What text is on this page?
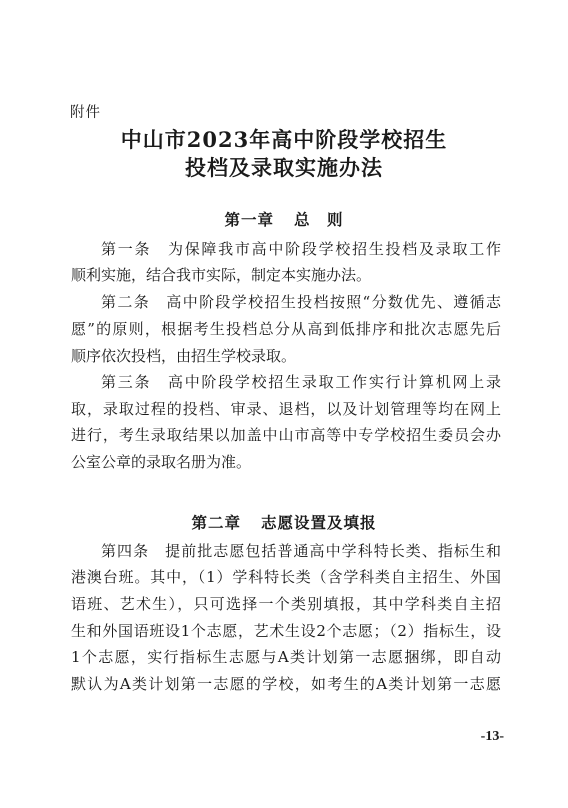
附件
中山市2023年高中阶段学校招生
投档及录取实施办法
第一章 总　则
第一条　为保障我市高中阶段学校招生投档及录取工作
顺利实施，结合我市实际，制定本实施办法。
第二条　高中阶段学校招生投档按照“分数优先、遵循志
愿”的原则，根据考生投档总分从高到低排序和批次志愿先后
顺序依次投档，由招生学校录取。
第三条　高中阶段学校招生录取工作实行计算机网上录
取，录取过程的投档、审录、退档，以及计划管理等均在网上
进行，考生录取结果以加盖中山市高等中专学校招生委员会办
公室公章的录取名册为准。
第二章 志愿设置及填报
第四条　提前批志愿包括普通高中学科特长类、指标生和
港澳台班。其中，（1）学科特长类（含学科类自主招生、外国
语班、艺术生），只可选择一个类别填报，其中学科类自主招
生和外国语班设1个志愿，艺术生设2个志愿；（2）指标生，设
1个志愿，实行指标生志愿与A类计划第一志愿捆绑，即自动
默认为A类计划第一志愿的学校，如考生的A类计划第一志愿
-13-
